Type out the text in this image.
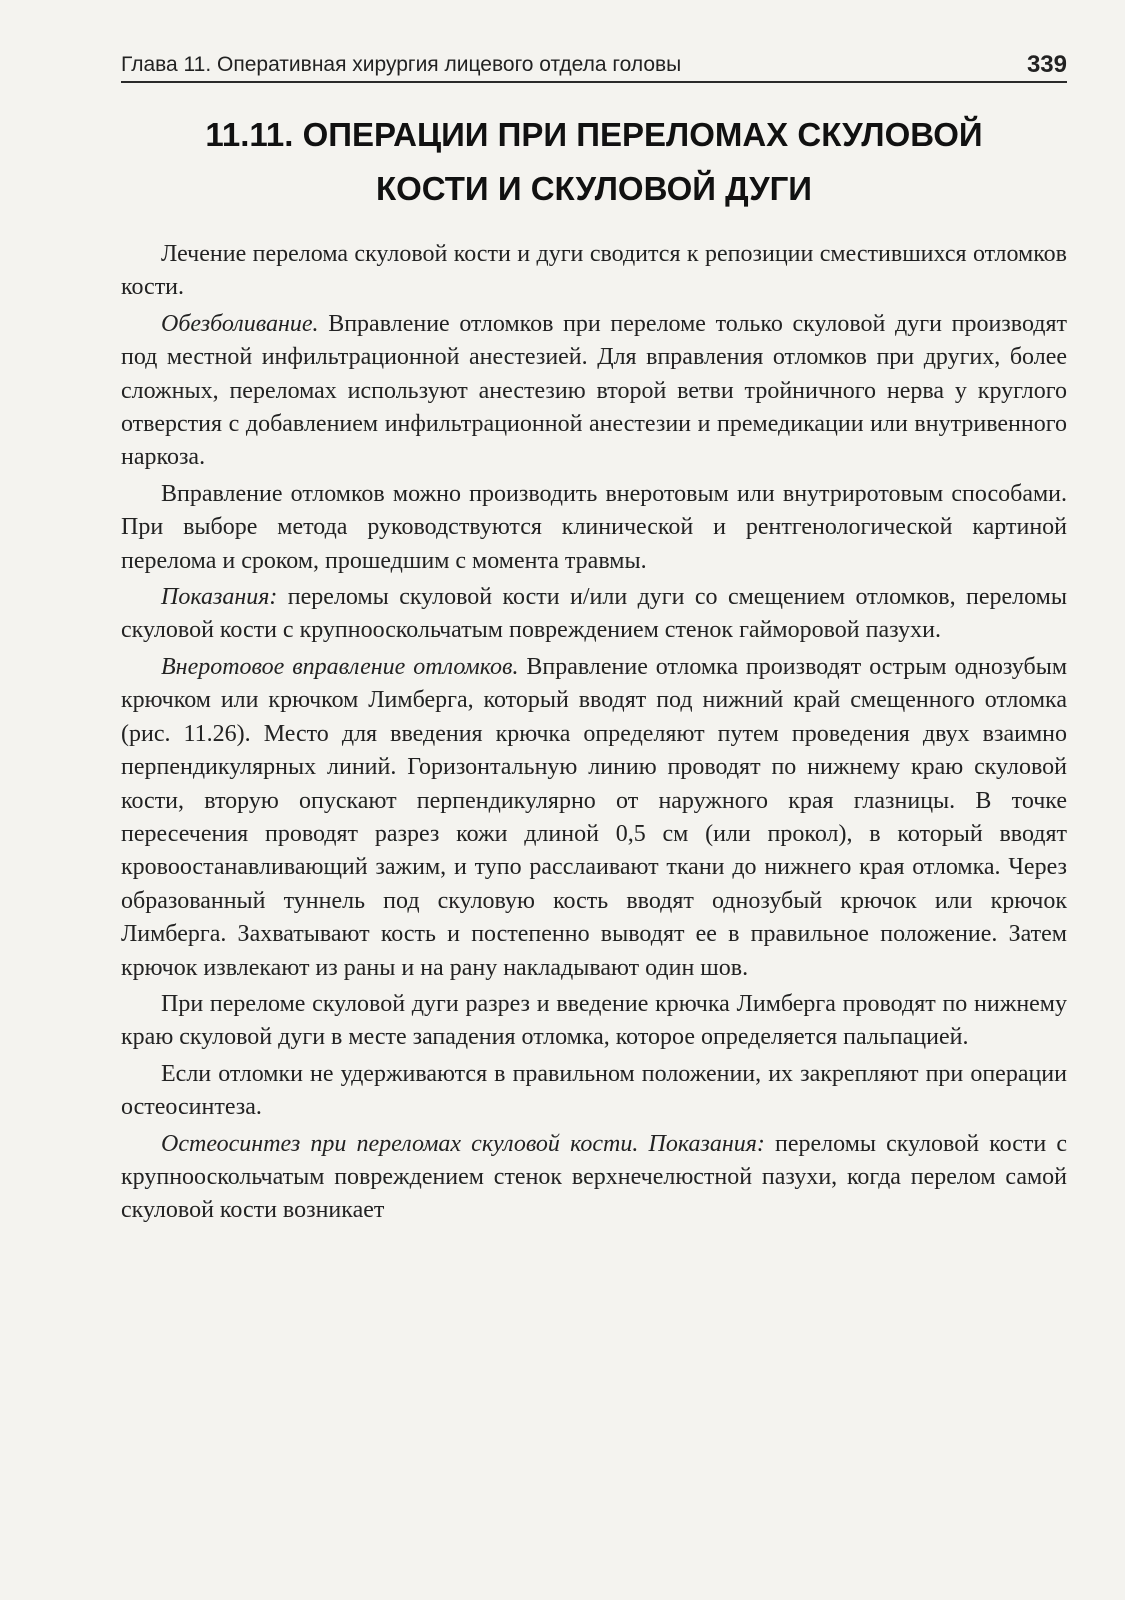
Глава 11. Оперативная хирургия лицевого отдела головы	339
11.11. ОПЕРАЦИИ ПРИ ПЕРЕЛОМАХ СКУЛОВОЙ
КОСТИ И СКУЛОВОЙ ДУГИ

Лечение перелома скуловой кости и дуги сводится к репозиции сместившихся отломков кости.

Обезболивание. Вправление отломков при переломе только скуловой дуги производят под местной инфильтрационной анестезией. Для вправления отломков при других, более сложных, переломах используют анестезию второй ветви тройничного нерва у круглого отверстия с добавлением инфильтрационной анестезии и премедикации или внутривенного наркоза.

Вправление отломков можно производить внеротовым или внутриротовым способами. При выборе метода руководствуются клинической и рентгенологической картиной перелома и сроком, прошедшим с момента травмы.

Показания: переломы скуловой кости и/или дуги со смещением отломков, переломы скуловой кости с крупнооскольчатым повреждением стенок гайморовой пазухи.

Внеротовое вправление отломков. Вправление отломка производят острым однозубым крючком или крючком Лимберга, который вводят под нижний край смещенного отломка (рис. 11.26). Место для введения крючка определяют путем проведения двух взаимно перпендикулярных линий. Горизонтальную линию проводят по нижнему краю скуловой кости, вторую опускают перпендикулярно от наружного края глазницы. В точке пересечения проводят разрез кожи длиной 0,5 см (или прокол), в который вводят кровоостанавливающий зажим, и тупо расслаивают ткани до нижнего края отломка. Через образованный туннель под скуловую кость вводят однозубый крючок или крючок Лимберга. Захватывают кость и постепенно выводят ее в правильное положение. Затем крючок извлекают из раны и на рану накладывают один шов.

При переломе скуловой дуги разрез и введение крючка Лимберга проводят по нижнему краю скуловой дуги в месте западения отломка, которое определяется пальпацией.

Если отломки не удерживаются в правильном положении, их закрепляют при операции остеосинтеза.

Остеосинтез при переломах скуловой кости. Показания: переломы скуловой кости с крупнооскольчатым повреждением стенок верхнечелюстной пазухи, когда перелом самой скуловой кости возникает
